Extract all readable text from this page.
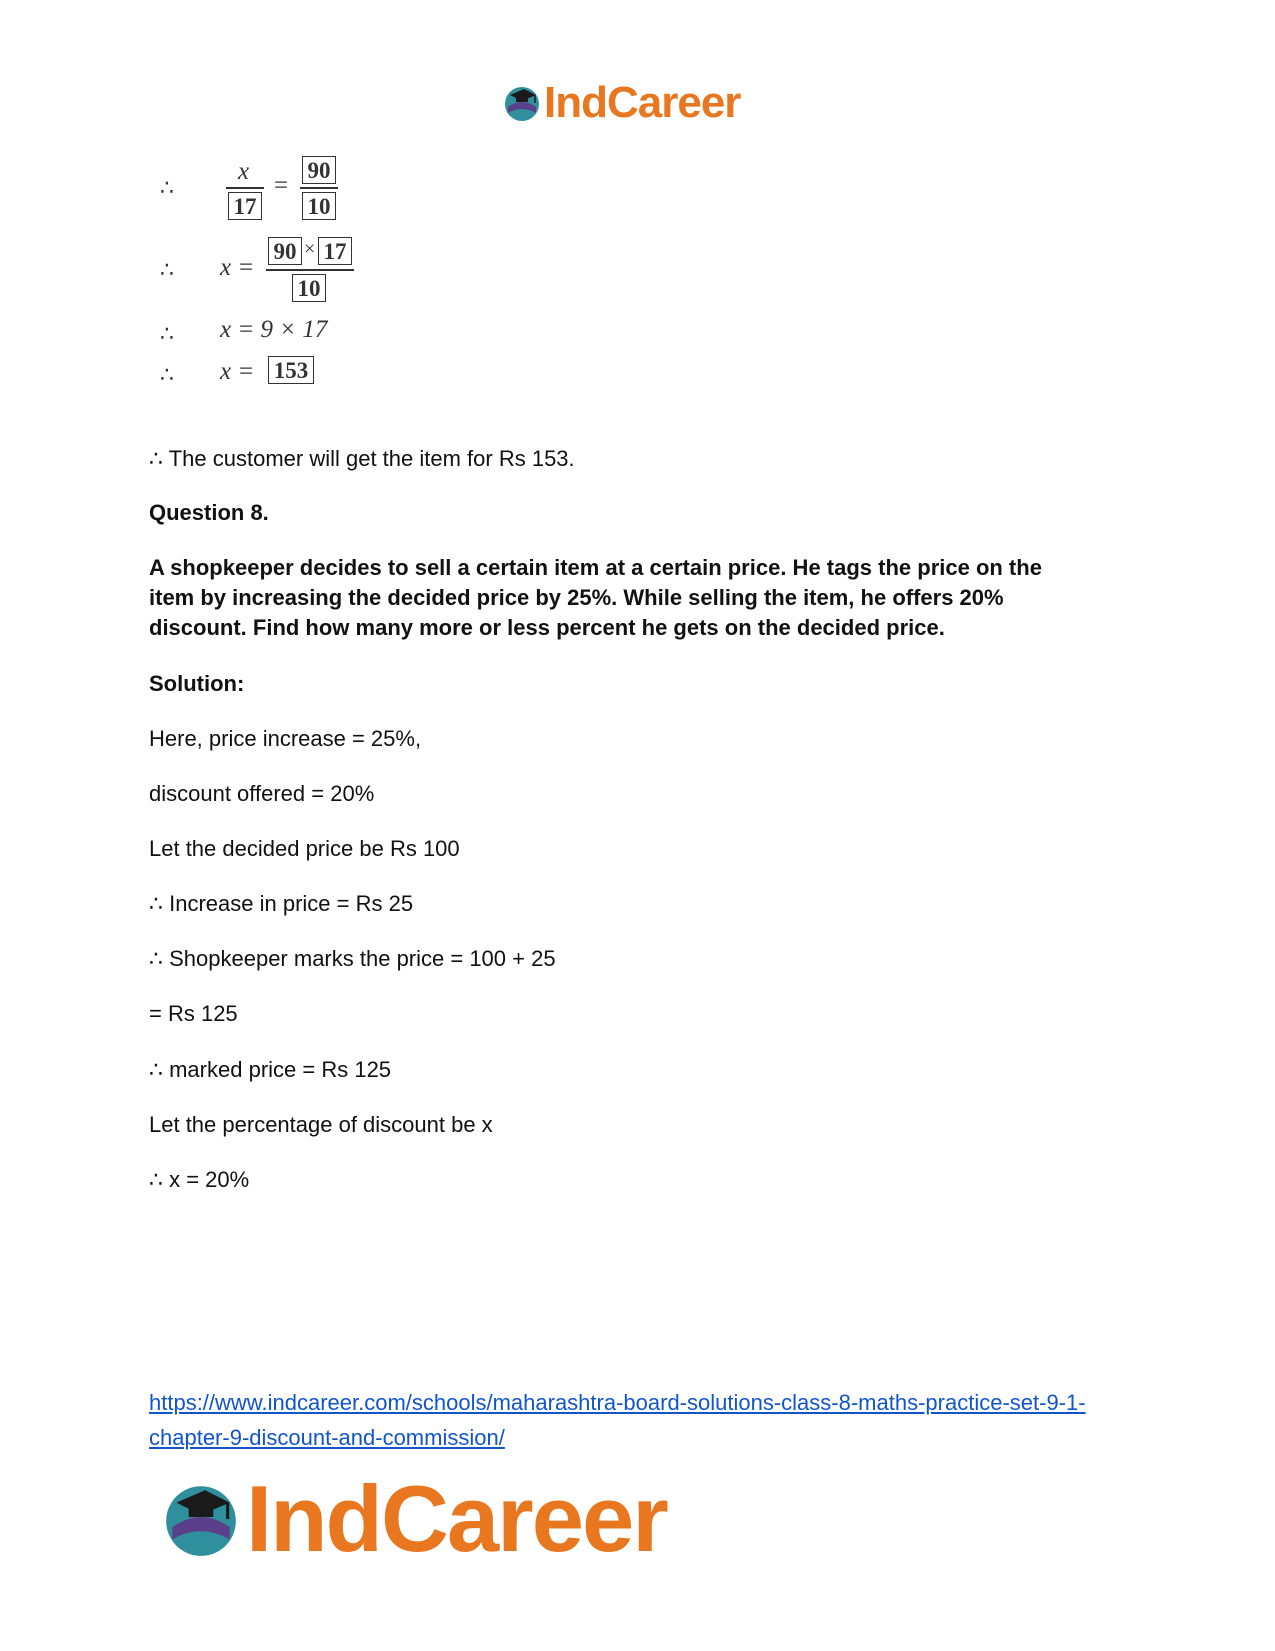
IndCareer
∴
x
17
=
90
10
∴ x =
90 × 17
10
∴ x = 9 × 17
∴ x = 153
∴ The customer will get the item for Rs 153.
Question 8.
A shopkeeper decides to sell a certain item at a certain price. He tags the price on the item by increasing the decided price by 25%. While selling the item, he offers 20% discount. Find how many more or less percent he gets on the decided price.
Solution:
Here, price increase = 25%,
discount offered = 20%
Let the decided price be Rs 100
∴ Increase in price = Rs 25
∴ Shopkeeper marks the price = 100 + 25
= Rs 125
∴ marked price = Rs 125
Let the percentage of discount be x
∴ x = 20%
https://www.indcareer.com/schools/maharashtra-board-solutions-class-8-maths-practice-set-9-1-
chapter-9-discount-and-commission/
IndCareer
